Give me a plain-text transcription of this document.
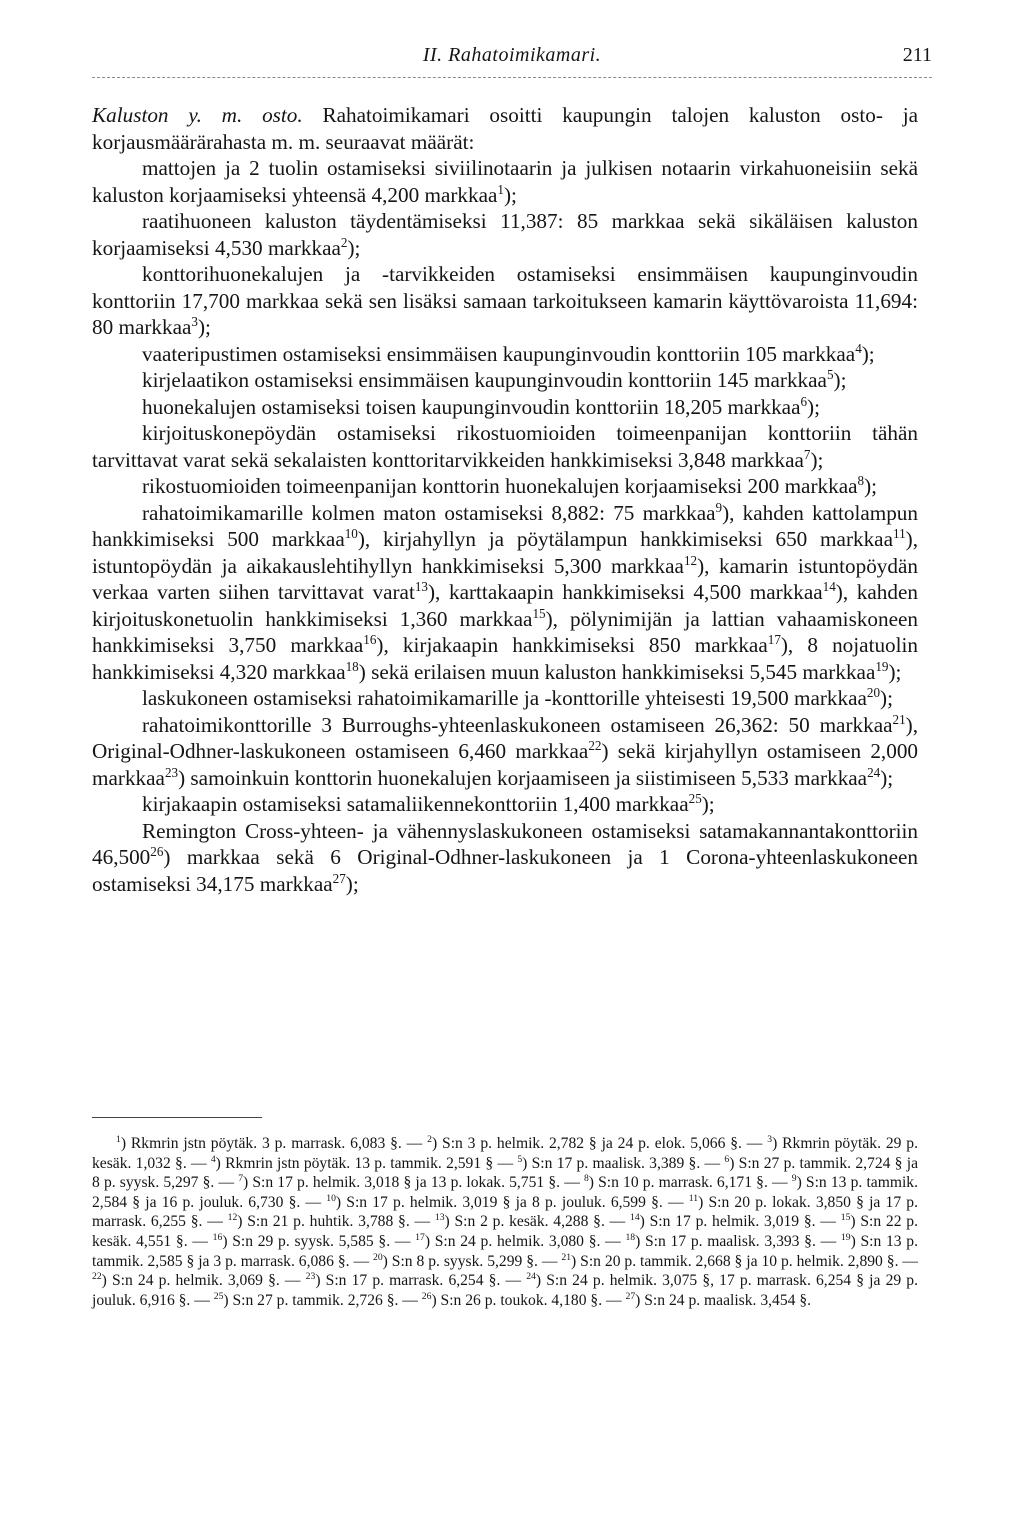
II. Rahatoimikamari.	211

Kaluston y. m. osto. Rahatoimikamari osoitti kaupungin talojen kaluston osto- ja korjausmäärärahasta m. m. seuraavat määrät:

mattojen ja 2 tuolin ostamiseksi siviilinotaarin ja julkisen notaarin virkahuoneisiin sekä kaluston korjaamiseksi yhteensä 4,200 markkaa$^1$);

raatihuoneen kaluston täydentämiseksi 11,387: 85 markkaa sekä sikäläisen kaluston korjaamiseksi 4,530 markkaa$^2$);

konttorihuonekalujen ja -tarvikkeiden ostamiseksi ensimmäisen kaupunginvoudin konttoriin 17,700 markkaa sekä sen lisäksi samaan tarkoitukseen kamarin käyttövaroista 11,694: 80 markkaa$^3$);

vaateripustimen ostamiseksi ensimmäisen kaupunginvoudin konttoriin 105 markkaa$^4$);

kirjelaatikon ostamiseksi ensimmäisen kaupunginvoudin konttoriin 145 markkaa$^5$);

huonekalujen ostamiseksi toisen kaupunginvoudin konttoriin 18,205 markkaa$^6$);

kirjoituskonepöydän ostamiseksi rikostuomioiden toimeenpanijan konttoriin tähän tarvittavat varat sekä sekalaisten konttoritarvikkeiden hankkimiseksi 3,848 markkaa$^7$);

rikostuomioiden toimeenpanijan konttorin huonekalujen korjaamiseksi 200 markkaa$^8$);

rahatoimikamarille kolmen maton ostamiseksi 8,882: 75 markkaa$^9$), kahden kattolampun hankkimiseksi 500 markkaa$^{10}$), kirjahyllyn ja pöytälampun hankkimiseksi 650 markkaa$^{11}$), istuntopöydän ja aikakauslehtihyllyn hankkimiseksi 5,300 markkaa$^{12}$), kamarin istuntopöydän verkaa varten siihen tarvittavat varat$^{13}$), karttakaapin hankkimiseksi 4,500 markkaa$^{14}$), kahden kirjoituskonetuolin hankkimiseksi 1,360 markkaa$^{15}$), pölynimijän ja lattian vahaamiskoneen hankkimiseksi 3,750 markkaa$^{16}$), kirjakaapin hankkimiseksi 850 markkaa$^{17}$), 8 nojatuolin hankkimiseksi 4,320 markkaa$^{18}$) sekä erilaisen muun kaluston hankkimiseksi 5,545 markkaa$^{19}$);

laskukoneen ostamiseksi rahatoimikamarille ja -konttorille yhteisesti 19,500 markkaa$^{20}$);

rahatoimikonttorille 3 Burroughs-yhteenlaskukoneen ostamiseen 26,362: 50 markkaa$^{21}$), Original-Odhner-laskukoneen ostamiseen 6,460 markkaa$^{22}$) sekä kirjahyllyn ostamiseen 2,000 markkaa$^{23}$) samoinkuin konttorin huonekalujen korjaamiseen ja siistimiseen 5,533 markkaa$^{24}$);

kirjakaapin ostamiseksi satamaliikennekonttoriin 1,400 markkaa$^{25}$);

Remington Cross-yhteen- ja vähennyslaskukoneen ostamiseksi satamakannantakonttoriin 46,500$^{26}$) markkaa sekä 6 Original-Odhner-laskukoneen ja 1 Corona-yhteenlaskukoneen ostamiseksi 34,175 markkaa$^{27}$);

$^1$) Rkmrin jstn pöytäk. 3 p. marrask. 6,083 §. — $^2$) S:n 3 p. helmik. 2,782 § ja 24 p. elok. 5,066 §. — $^3$) Rkmrin pöytäk. 29 p. kesäk. 1,032 §. — $^4$) Rkmrin jstn pöytäk. 13 p. tammik. 2,591 § — $^5$) S:n 17 p. maalisk. 3,389 §. — $^6$) S:n 27 p. tammik. 2,724 § ja 8 p. syysk. 5,297 §. — $^7$) S:n 17 p. helmik. 3,018 § ja 13 p. lokak. 5,751 §. — $^8$) S:n 10 p. marrask. 6,171 §. — $^9$) S:n 13 p. tammik. 2,584 § ja 16 p. jouluk. 6,730 §. — $^{10}$) S:n 17 p. helmik. 3,019 § ja 8 p. jouluk. 6,599 §. — $^{11}$) S:n 20 p. lokak. 3,850 § ja 17 p. marrask. 6,255 §. — $^{12}$) S:n 21 p. huhtik. 3,788 §. — $^{13}$) S:n 2 p. kesäk. 4,288 §. — $^{14}$) S:n 17 p. helmik. 3,019 §. — $^{15}$) S:n 22 p. kesäk. 4,551 §. — $^{16}$) S:n 29 p. syysk. 5,585 §. — $^{17}$) S:n 24 p. helmik. 3,080 §. — $^{18}$) S:n 17 p. maalisk. 3,393 §. — $^{19}$) S:n 13 p. tammik. 2,585 § ja 3 p. marrask. 6,086 §. — $^{20}$) S:n 8 p. syysk. 5,299 §. — $^{21}$) S:n 20 p. tammik. 2,668 § ja 10 p. helmik. 2,890 §. — $^{22}$) S:n 24 p. helmik. 3,069 §. — $^{23}$) S:n 17 p. marrask. 6,254 §. — $^{24}$) S:n 24 p. helmik. 3,075 §, 17 p. marrask. 6,254 § ja 29 p. jouluk. 6,916 §. — $^{25}$) S:n 27 p. tammik. 2,726 §. — $^{26}$) S:n 26 p. toukok. 4,180 §. — $^{27}$) S:n 24 p. maalisk. 3,454 §.
